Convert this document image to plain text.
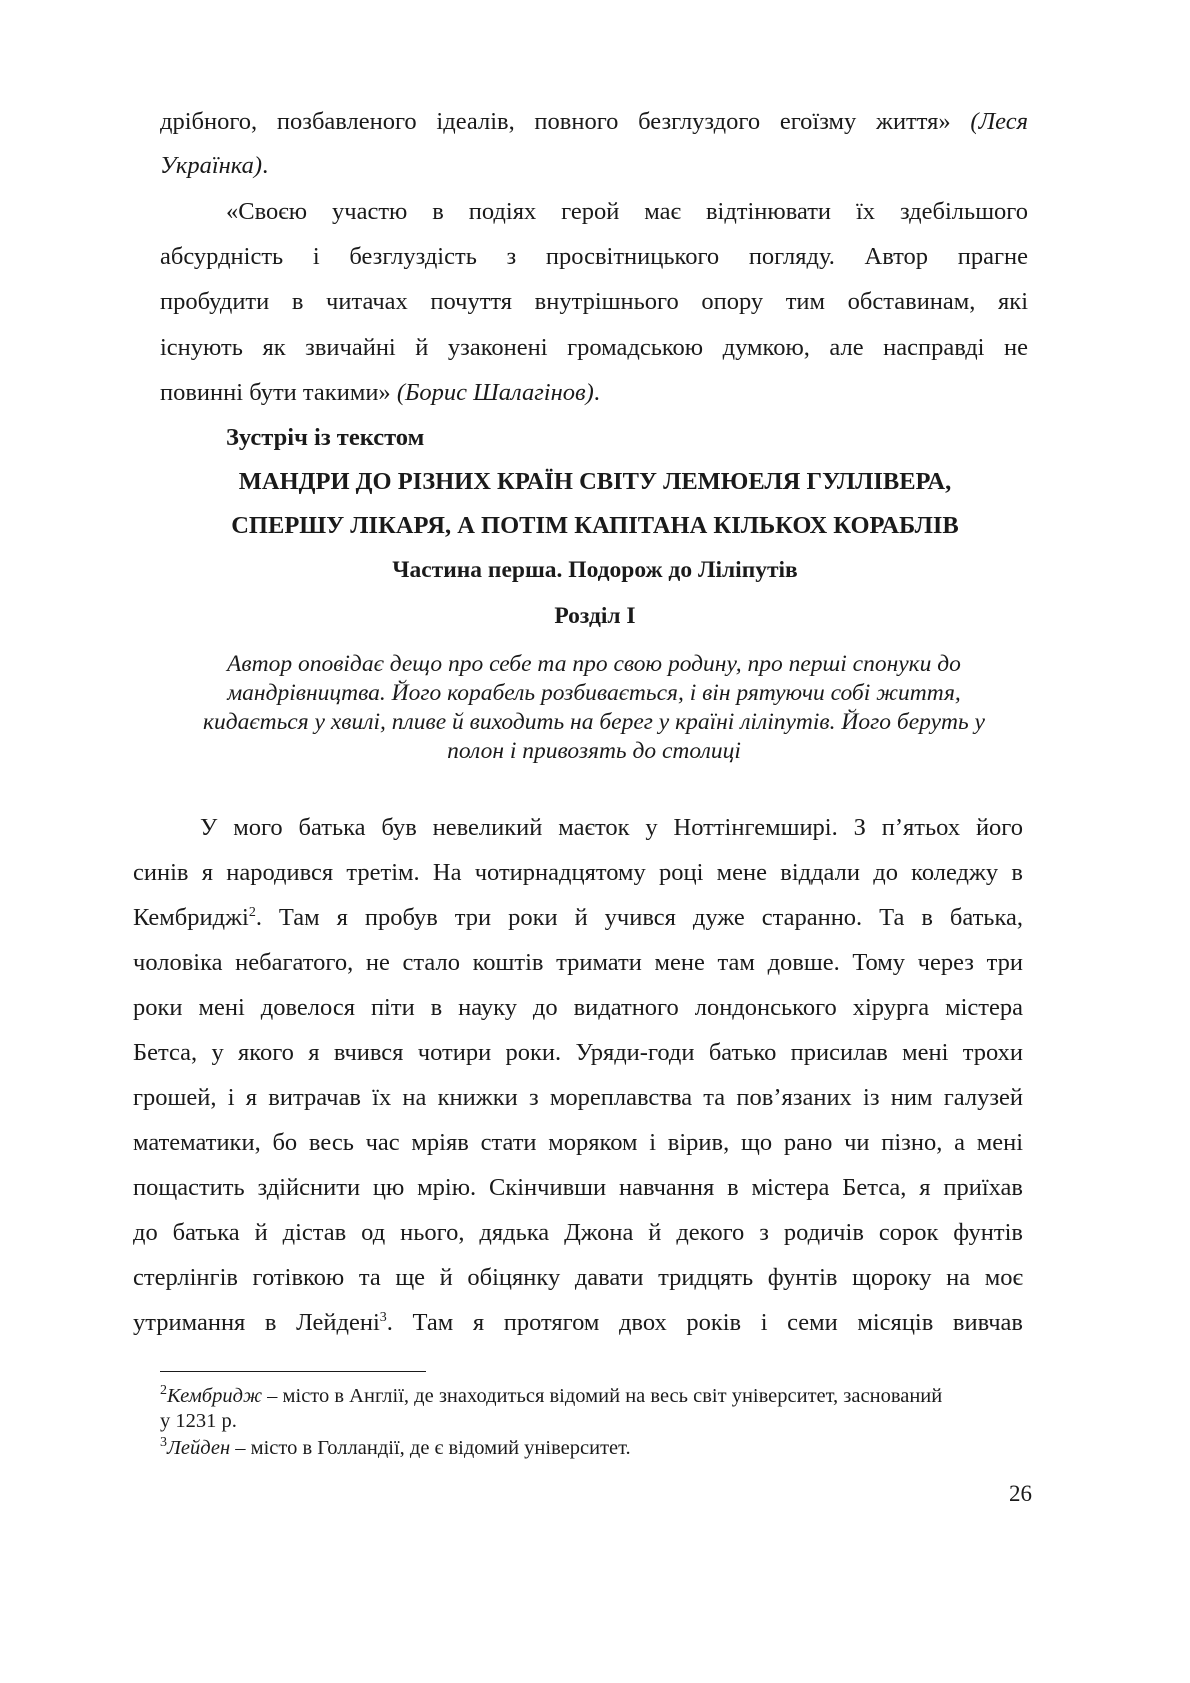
дрібного, позбавленого ідеалів, повного безглуздого егоїзму життя» (Леся
Українка).
«Своєю участю в подіях герой має відтінювати їх здебільшого
абсурдність і безглуздість з просвітницького погляду. Автор прагне
пробудити в читачах почуття внутрішнього опору тим обставинам, які
існують як звичайні й узаконені громадською думкою, але насправді не
повинні бути такими» (Борис Шалагінов).
Зустріч із текстом
МАНДРИ ДО РІЗНИХ КРАЇН СВІТУ ЛЕМЮЕЛЯ ГУЛЛІВЕРА,
СПЕРШУ ЛІКАРЯ, А ПОТІМ КАПІТАНА КІЛЬКОХ КОРАБЛІВ
Частина перша. Подорож до Ліліпутів
Розділ І
Автор оповідає дещо про себе та про свою родину, про перші спонуки до
мандрівництва. Його корабель розбивається, і він рятуючи собі життя,
кидається у хвилі, пливе й виходить на берег у країні ліліпутів. Його беруть у
полон і привозять до столиці
У мого батька був невеликий маєток у Ноттінгемширі. З п’ятьох його
синів я народився третім. На чотирнадцятому році мене віддали до коледжу в
Кембриджі$^2$. Там я пробув три роки й учився дуже старанно. Та в батька,
чоловіка небагатого, не стало коштів тримати мене там довше. Тому через три
роки мені довелося піти в науку до видатного лондонського хірурга містера
Бетса, у якого я вчився чотири роки. Уряди-годи батько присилав мені трохи
грошей, і я витрачав їх на книжки з мореплавства та пов’язаних із ним галузей
математики, бо весь час мріяв стати моряком і вірив, що рано чи пізно, а мені
пощастить здійснити цю мрію. Скінчивши навчання в містера Бетса, я приїхав
до батька й дістав од нього, дядька Джона й декого з родичів сорок фунтів
стерлінгів готівкою та ще й обіцянку давати тридцять фунтів щороку на моє
утримання в Лейдені$^3$. Там я протягом двох років і семи місяців вивчав
$^2$Кембридж – місто в Англії, де знаходиться відомий на весь світ університет, заснований
у 1231 р.
$^3$Лейден – місто в Голландії, де є відомий університет.
26
